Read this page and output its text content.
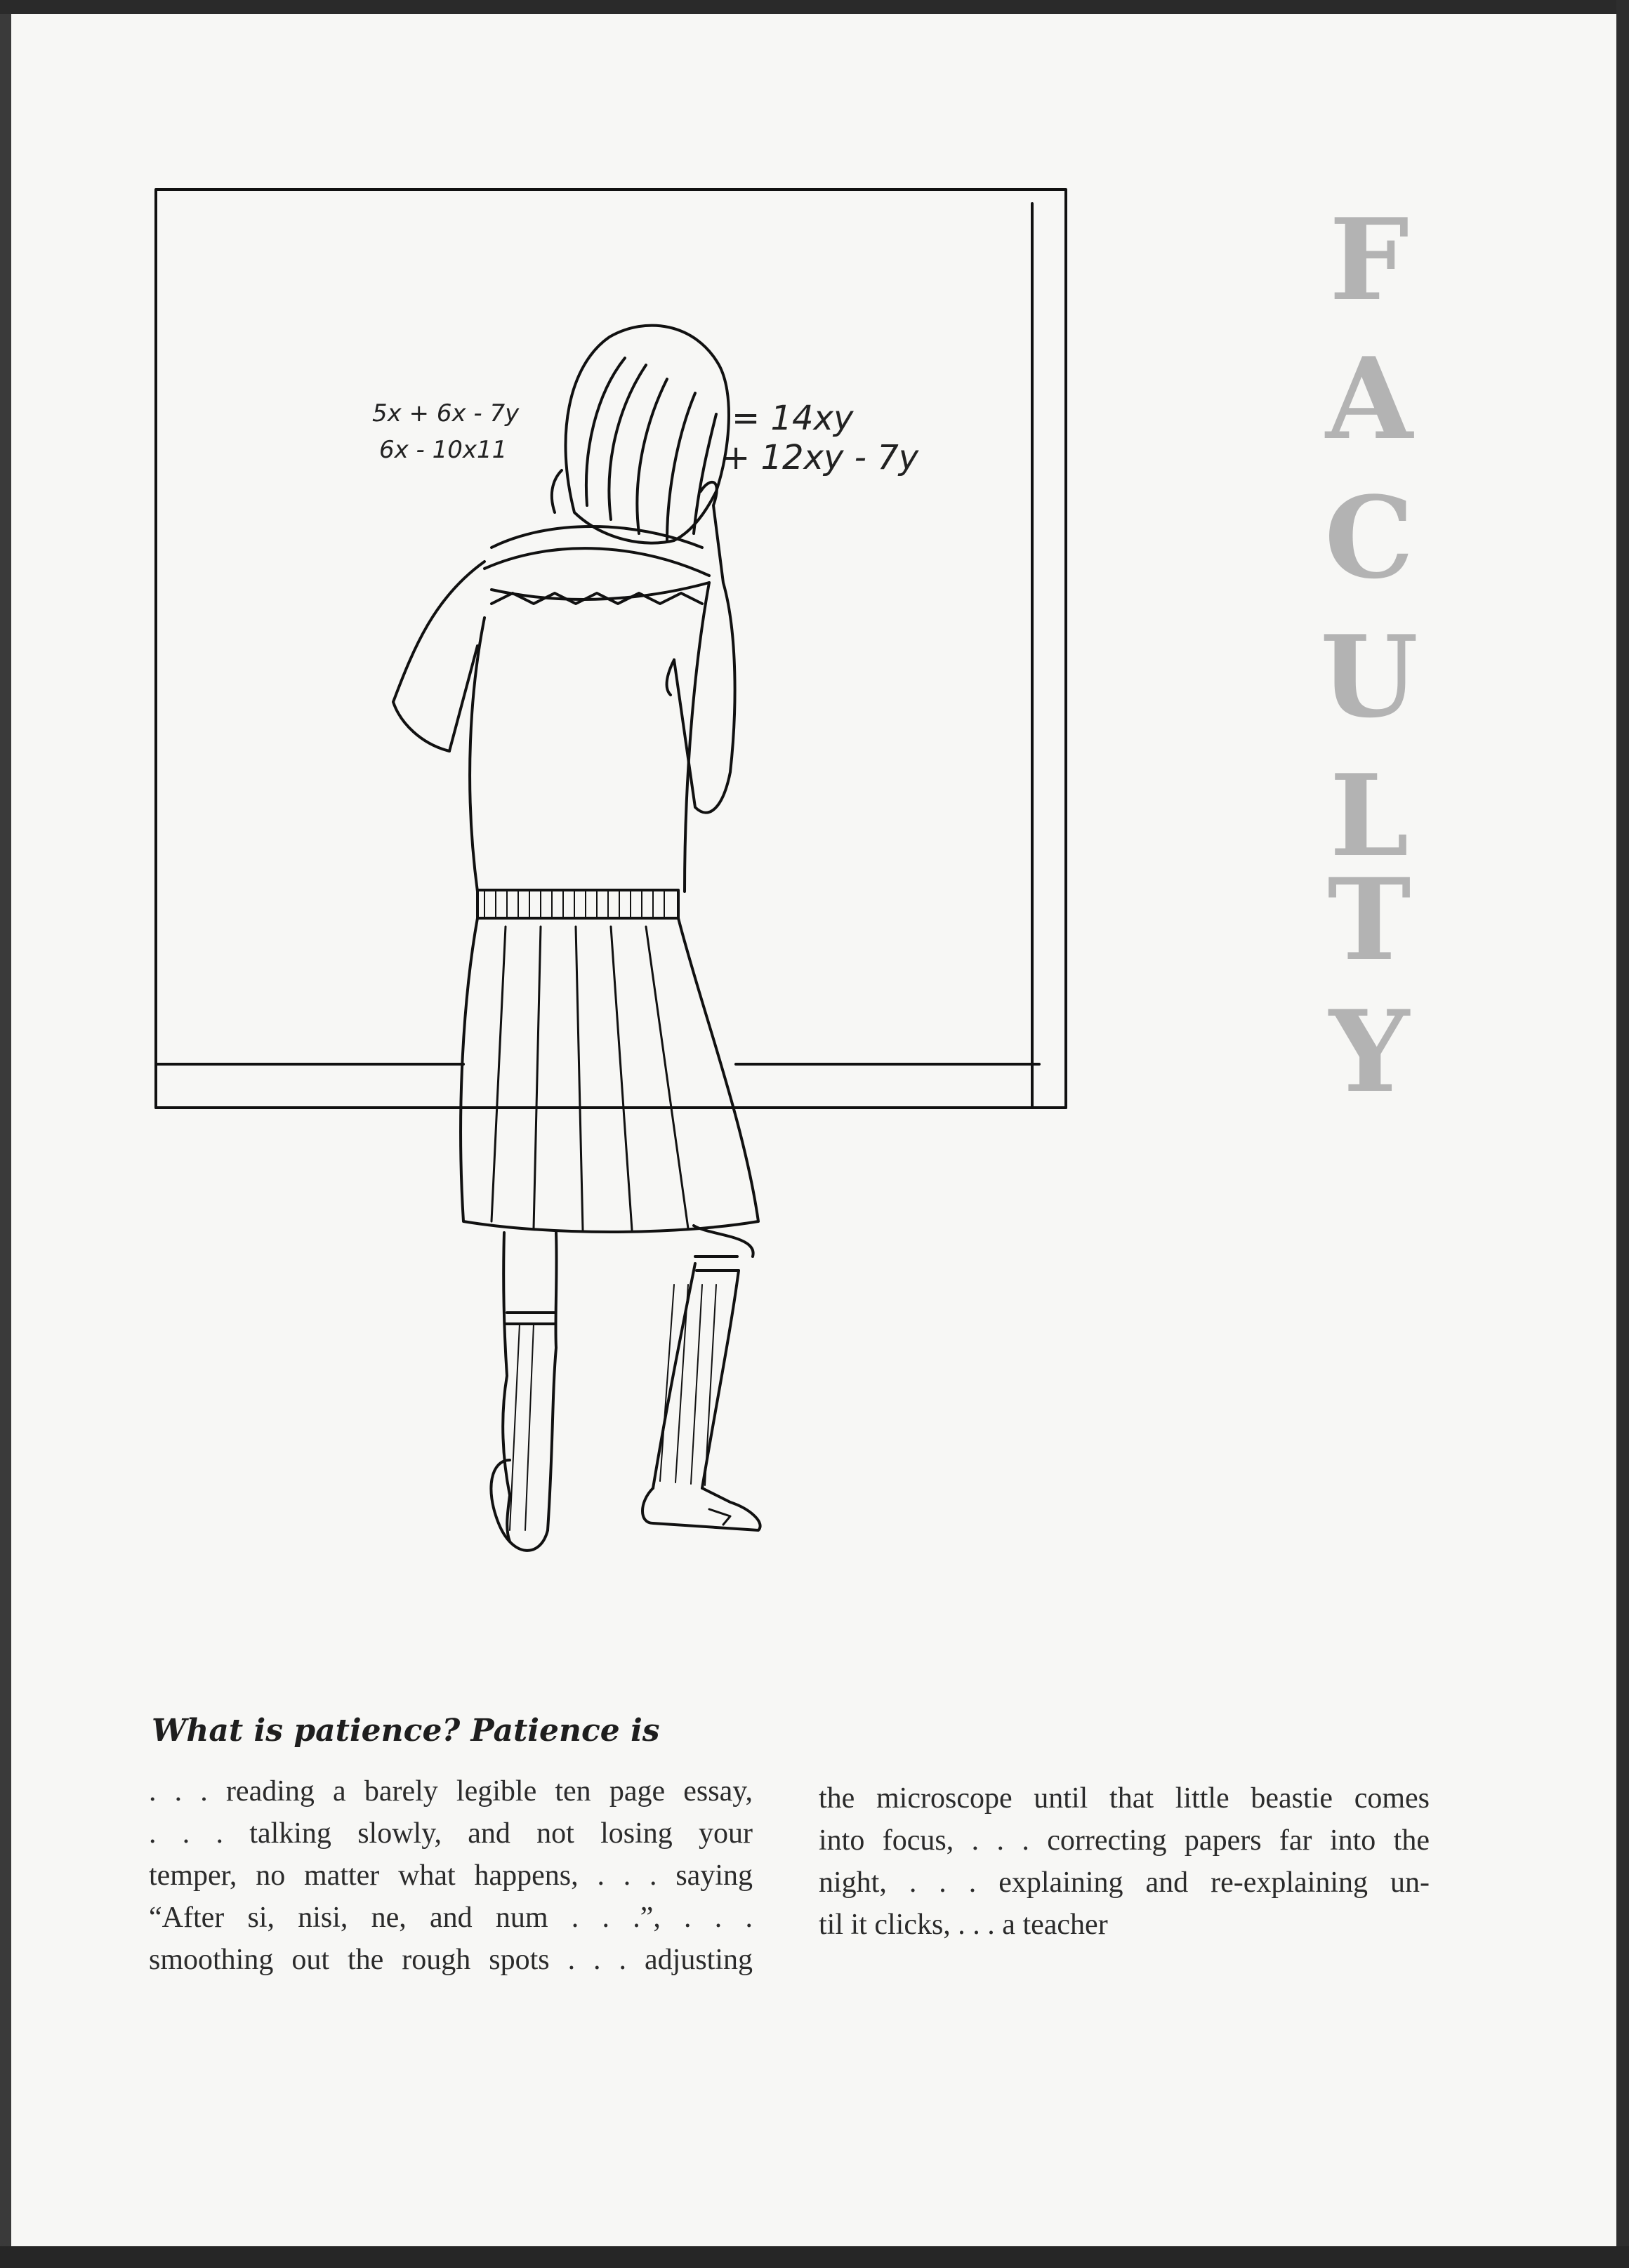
5x + 6x - 7y
6x - 10x11
= 14xy
+ 12xy - 7y
F
A
C
U
L
T
Y
What is patience? Patience is
. . . reading a barely legible ten page essay,
. . . talking slowly, and not losing your
temper, no matter what happens, . . . saying
“After si, nisi, ne, and num . . .”, . . .
smoothing out the rough spots . . . adjusting
the microscope until that little beastie comes
into focus, . . . correcting papers far into the
night, . . . explaining and re-explaining un-
til it clicks, . . . a teacher
